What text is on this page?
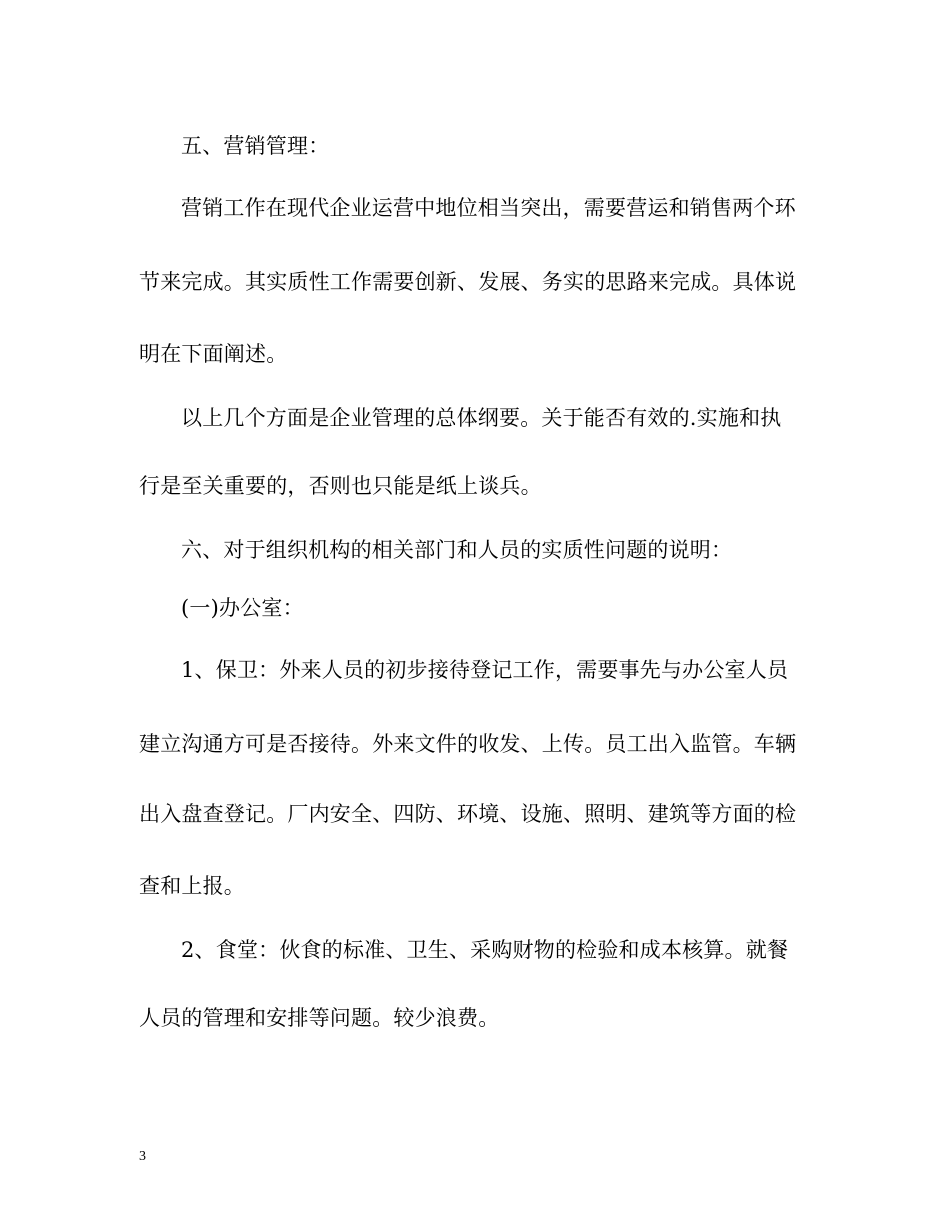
五、营销管理：
营销工作在现代企业运营中地位相当突出，需要营运和销售两个环
节来完成。其实质性工作需要创新、发展、务实的思路来完成。具体说
明在下面阐述。
以上几个方面是企业管理的总体纲要。关于能否有效的.实施和执
行是至关重要的，否则也只能是纸上谈兵。
六、对于组织机构的相关部门和人员的实质性问题的说明：
(一)办公室：
1、保卫：外来人员的初步接待登记工作，需要事先与办公室人员
建立沟通方可是否接待。外来文件的收发、上传。员工出入监管。车辆
出入盘查登记。厂内安全、四防、环境、设施、照明、建筑等方面的检
查和上报。
2、食堂：伙食的标准、卫生、采购财物的检验和成本核算。就餐
人员的管理和安排等问题。较少浪费。
3
